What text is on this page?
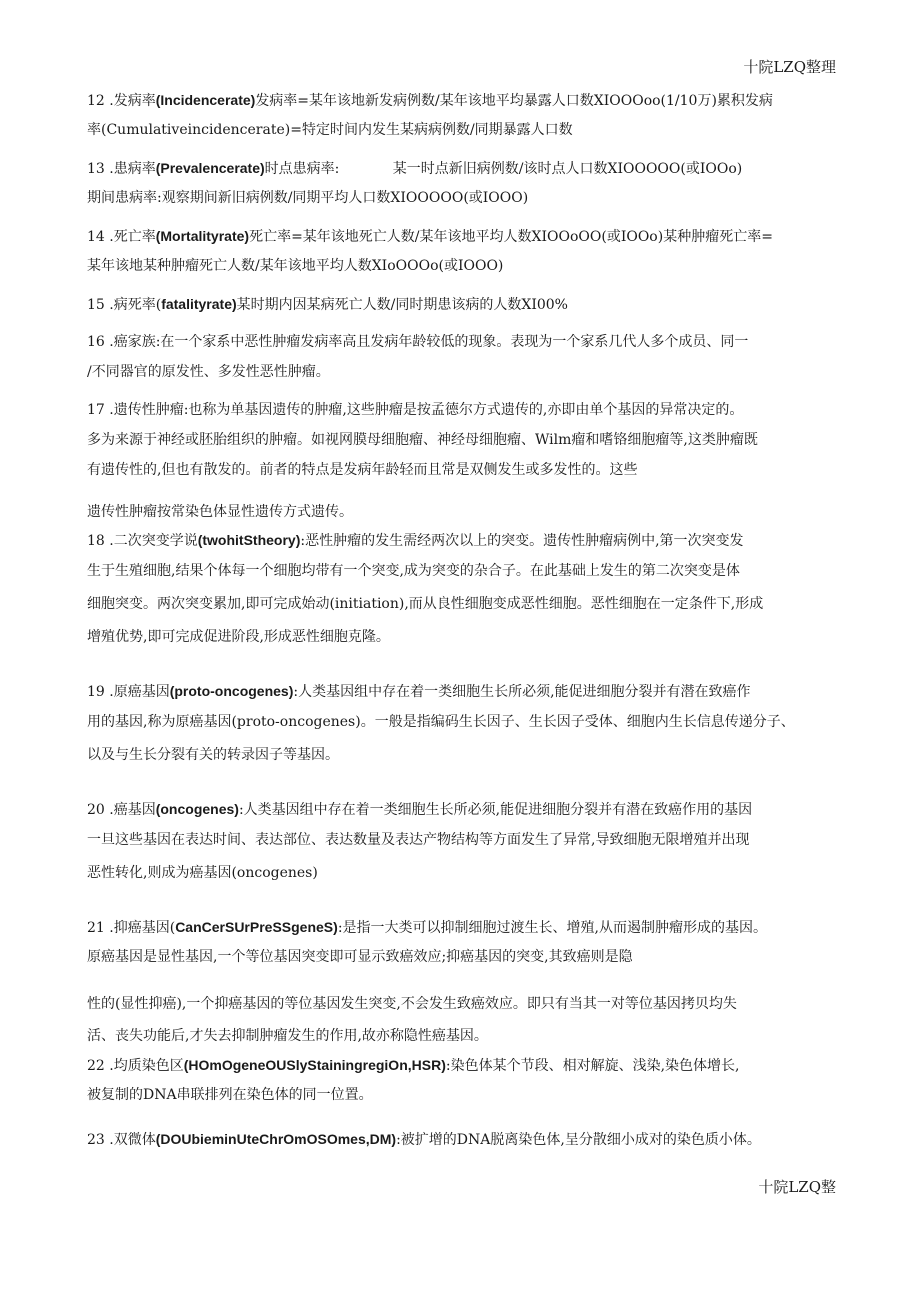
十院LZQ整理
12 .发病率(Incidencerate)发病率=某年该地新发病例数/某年该地平均暴露人口数XIOOOoo(1/10万)累积发病
率(Cumulativeincidencerate)=特定时间内发生某病病例数/同期暴露人口数
13 .患病率(Prevalencerate)时点患病率:            某一时点新旧病例数/该时点人口数XIOOOOO(或IOOo)
期间患病率:观察期间新旧病例数/同期平均人口数XIOOOOO(或IOOO)
14 .死亡率(Mortalityrate)死亡率=某年该地死亡人数/某年该地平均人数XIOOoOO(或IOOo)某种肿瘤死亡率=
某年该地某种肿瘤死亡人数/某年该地平均人数XIoOOOo(或IOOO)
15 .病死率(fatalityrate)某时期内因某病死亡人数/同时期患该病的人数XI00%
16 .癌家族:在一个家系中恶性肿瘤发病率高且发病年龄较低的现象。表现为一个家系几代人多个成员、同一
/不同器官的原发性、多发性恶性肿瘤。
17 .遗传性肿瘤:也称为单基因遗传的肿瘤,这些肿瘤是按孟德尔方式遗传的,亦即由单个基因的异常决定的。
多为来源于神经或胚胎组织的肿瘤。如视网膜母细胞瘤、神经母细胞瘤、Wilm瘤和嗜铬细胞瘤等,这类肿瘤既
有遗传性的,但也有散发的。前者的特点是发病年龄轻而且常是双侧发生或多发性的。这些
遗传性肿瘤按常染色体显性遗传方式遗传。
18 .二次突变学说(twohitStheory):恶性肿瘤的发生需经两次以上的突变。遗传性肿瘤病例中,第一次突变发
生于生殖细胞,结果个体每一个细胞均带有一个突变,成为突变的杂合子。在此基础上发生的第二次突变是体
细胞突变。两次突变累加,即可完成始动(initiation),而从良性细胞变成恶性细胞。恶性细胞在一定条件下,形成
增殖优势,即可完成促进阶段,形成恶性细胞克隆。
19 .原癌基因(proto-oncogenes):人类基因组中存在着一类细胞生长所必须,能促进细胞分裂并有潜在致癌作
用的基因,称为原癌基因(proto-oncogenes)。一般是指编码生长因子、生长因子受体、细胞内生长信息传递分子、
以及与生长分裂有关的转录因子等基因。
20 .癌基因(oncogenes):人类基因组中存在着一类细胞生长所必须,能促进细胞分裂并有潜在致癌作用的基因
一旦这些基因在表达时间、表达部位、表达数量及表达产物结构等方面发生了异常,导致细胞无限增殖并出现
恶性转化,则成为癌基因(oncogenes)
21 .抑癌基因(CanCerSUrPreSSgeneS):是指一大类可以抑制细胞过渡生长、增殖,从而遏制肿瘤形成的基因。
原癌基因是显性基因,一个等位基因突变即可显示致癌效应;抑癌基因的突变,其致癌则是隐
性的(显性抑癌),一个抑癌基因的等位基因发生突变,不会发生致癌效应。即只有当其一对等位基因拷贝均失
活、丧失功能后,才失去抑制肿瘤发生的作用,故亦称隐性癌基因。
22 .均质染色区(HOmOgeneOUSlyStainingregiOn,HSR):染色体某个节段、相对解旋、浅染,染色体增长,
被复制的DNA串联排列在染色体的同一位置。
23 .双微体(DOUbieminUteChrOmOSOmes,DM):被扩增的DNA脱离染色体,呈分散细小成对的染色质小体。
十院LZQ整
